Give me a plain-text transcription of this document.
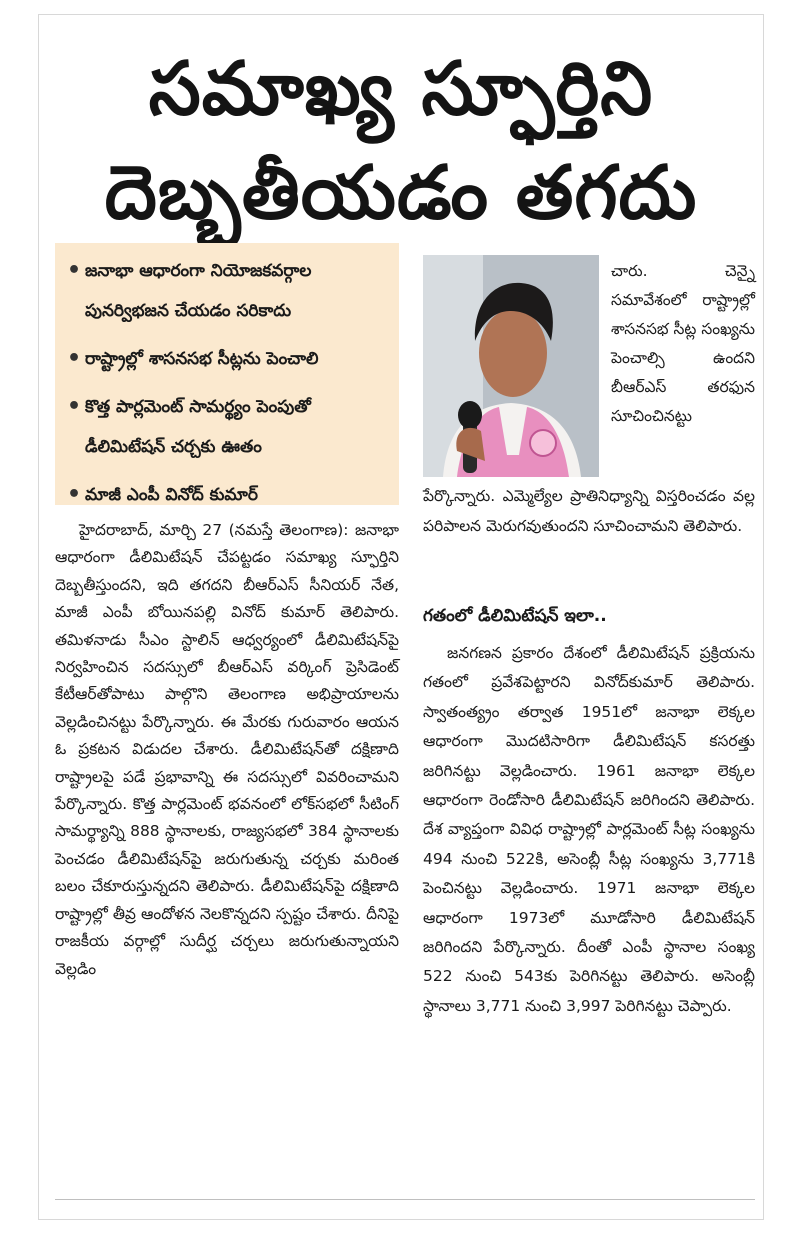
సమాఖ్య స్ఫూర్తిని
దెబ్బతీయడం తగదు
• జనాభా ఆధారంగా నియోజకవర్గాల పునర్విభజన చేయడం సరికాదు
• రాష్ట్రాల్లో శాసనసభ సీట్లను పెంచాలి
• కొత్త పార్లమెంట్ సామర్థ్యం పెంపుతో డీలిమిటేషన్ చర్చకు ఊతం
• మాజీ ఎంపీ వినోద్ కుమార్
చారు. చెన్నై సమావేశంలో రాష్ట్రాల్లో శాసనసభ సీట్ల సంఖ్యను పెంచాల్సి ఉందని బీఆర్‌ఎస్ తరఫున సూచించినట్టు
పేర్కొన్నారు. ఎమ్మెల్యేల ప్రాతినిధ్యాన్ని విస్తరించడం వల్ల పరిపాలన మెరుగవుతుందని సూచించామని తెలిపారు.
గతంలో డీలిమిటేషన్ ఇలా..
జనగణన ప్రకారం దేశంలో డీలిమిటేషన్ ప్రక్రియను గతంలో ప్రవేశపెట్టారని వినోద్‌కుమార్ తెలిపారు. స్వాతంత్య్రం తర్వాత 1951లో జనాభా లెక్కల ఆధారంగా మొదటిసారిగా డీలిమిటేషన్ కసరత్తు జరిగినట్టు వెల్లడించారు. 1961 జనాభా లెక్కల ఆధారంగా రెండోసారి డీలిమిటేషన్ జరిగిందని తెలిపారు. దేశ వ్యాప్తంగా వివిధ రాష్ట్రాల్లో పార్లమెంట్ సీట్ల సంఖ్యను 494 నుంచి 522కి, అసెంబ్లీ సీట్ల సంఖ్యను 3,771కి పెంచినట్టు వెల్లడించారు. 1971 జనాభా లెక్కల ఆధారంగా 1973లో మూడోసారి డీలిమిటేషన్ జరిగిందని పేర్కొన్నారు. దీంతో ఎంపీ స్థానాల సంఖ్య 522 నుంచి 543కు పెరిగినట్టు తెలిపారు. అసెంబ్లీ స్థానాలు 3,771 నుంచి 3,997 పెరిగినట్టు చెప్పారు.
హైదరాబాద్, మార్చి 27 (నమస్తే తెలంగాణ): జనాభా ఆధారంగా డీలిమిటేషన్ చేపట్టడం సమాఖ్య స్ఫూర్తిని దెబ్బతీస్తుందని, ఇది తగదని బీఆర్‌ఎస్ సీనియర్ నేత, మాజీ ఎంపీ బోయినపల్లి వినోద్ కుమార్ తెలిపారు. తమిళనాడు సీఎం స్టాలిన్ ఆధ్వర్యంలో డీలిమిటేషన్‌పై నిర్వహించిన సదస్సులో బీఆర్‌ఎస్ వర్కింగ్ ప్రెసిడెంట్ కేటీఆర్‌తోపాటు పాల్గొని తెలంగాణ అభిప్రాయాలను వెల్లడించినట్టు పేర్కొన్నారు. ఈ మేరకు గురువారం ఆయన ఓ ప్రకటన విడుదల చేశారు. డీలిమిటేషన్‌తో దక్షిణాది రాష్ట్రాలపై పడే ప్రభావాన్ని ఈ సదస్సులో వివరించామని పేర్కొన్నారు. కొత్త పార్లమెంట్ భవనంలో లోక్‌సభలో సీటింగ్ సామర్థ్యాన్ని 888 స్థానాలకు, రాజ్యసభలో 384 స్థానాలకు పెంచడం డీలిమిటేషన్‌పై జరుగుతున్న చర్చకు మరింత బలం చేకూరుస్తున్నదని తెలిపారు. డీలిమిటేషన్‌పై దక్షిణాది రాష్ట్రాల్లో తీవ్ర ఆందోళన నెలకొన్నదని స్పష్టం చేశారు. దీనిపై రాజకీయ వర్గాల్లో సుదీర్ఘ చర్చలు జరుగుతున్నాయని వెల్లడిం
